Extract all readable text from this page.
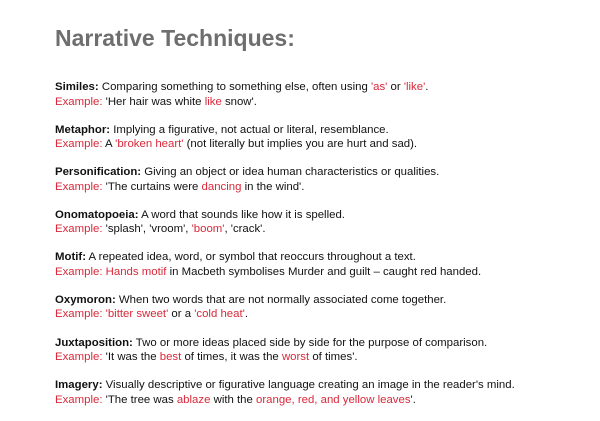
Narrative Techniques:
Similes: Comparing something to something else, often using 'as' or 'like'.
Example: 'Her hair was white like snow'.
Metaphor: Implying a figurative, not actual or literal, resemblance.
Example: A 'broken heart' (not literally but implies you are hurt and sad).
Personification: Giving an object or idea human characteristics or qualities.
Example: 'The curtains were dancing in the wind'.
Onomatopoeia: A word that sounds like how it is spelled.
Example: 'splash', 'vroom', 'boom', 'crack'.
Motif: A repeated idea, word, or symbol that reoccurs throughout a text.
Example: Hands motif in Macbeth symbolises Murder and guilt – caught red handed.
Oxymoron: When two words that are not normally associated come together.
Example: 'bitter sweet' or a 'cold heat'.
Juxtaposition: Two or more ideas placed side by side for the purpose of comparison.
Example: 'It was the best of times, it was the worst of times'.
Imagery: Visually descriptive or figurative language creating an image in the reader's mind.
Example: 'The tree was ablaze with the orange, red, and yellow leaves'.
